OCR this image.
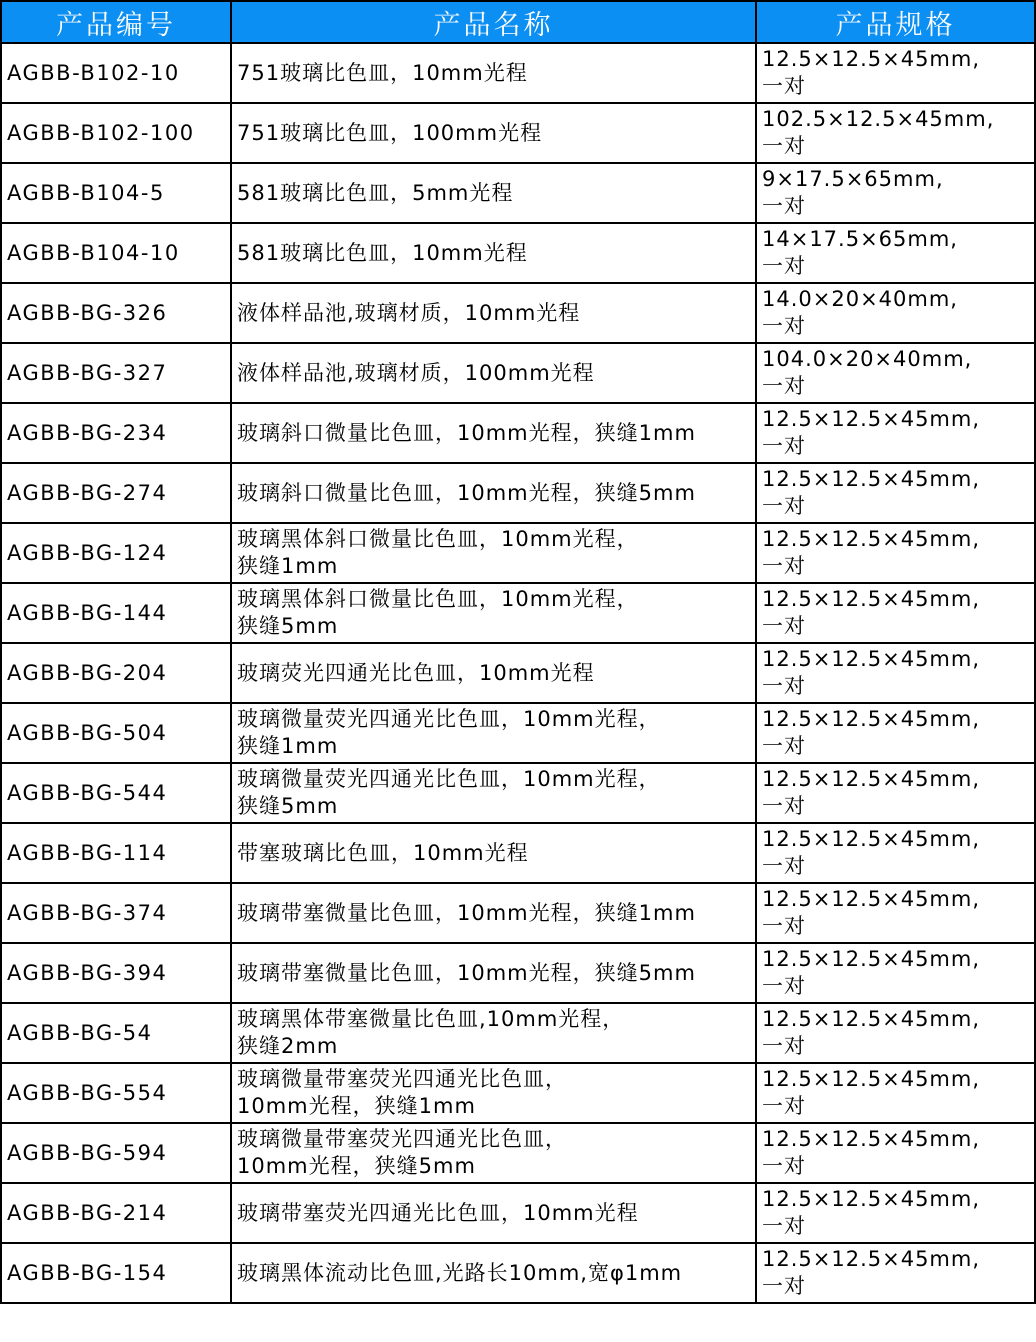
产品编号	产品名称	产品规格
AGBB-B102-10	751玻璃比色皿，10mm光程	12.5×12.5×45mm,
一对

AGBB-B102-100	751玻璃比色皿，100mm光程	102.5×12.5×45mm,
一对

AGBB-B104-5	581玻璃比色皿，5mm光程	9×17.5×65mm,
一对

AGBB-B104-10	581玻璃比色皿，10mm光程	14×17.5×65mm,
一对

AGBB-BG-326	液体样品池,玻璃材质，10mm光程	14.0×20×40mm,
一对

AGBB-BG-327	液体样品池,玻璃材质，100mm光程	104.0×20×40mm,
一对

AGBB-BG-234	玻璃斜口微量比色皿，10mm光程，狭缝1mm	12.5×12.5×45mm,
一对

AGBB-BG-274	玻璃斜口微量比色皿，10mm光程，狭缝5mm	12.5×12.5×45mm,
一对

AGBB-BG-124	玻璃黑体斜口微量比色皿，10mm光程，
狭缝1mm	12.5×12.5×45mm,
一对

AGBB-BG-144	玻璃黑体斜口微量比色皿，10mm光程，
狭缝5mm	12.5×12.5×45mm,
一对

AGBB-BG-204	玻璃荧光四通光比色皿，10mm光程	12.5×12.5×45mm,
一对

AGBB-BG-504	玻璃微量荧光四通光比色皿，10mm光程，
狭缝1mm	12.5×12.5×45mm,
一对

AGBB-BG-544	玻璃微量荧光四通光比色皿，10mm光程，
狭缝5mm	12.5×12.5×45mm,
一对

AGBB-BG-114	带塞玻璃比色皿，10mm光程	12.5×12.5×45mm,
一对

AGBB-BG-374	玻璃带塞微量比色皿，10mm光程，狭缝1mm	12.5×12.5×45mm,
一对

AGBB-BG-394	玻璃带塞微量比色皿，10mm光程，狭缝5mm	12.5×12.5×45mm,
一对

AGBB-BG-54	玻璃黑体带塞微量比色皿,10mm光程，
狭缝2mm	12.5×12.5×45mm,
一对

AGBB-BG-554	玻璃微量带塞荧光四通光比色皿，
10mm光程，狭缝1mm	12.5×12.5×45mm,
一对

AGBB-BG-594	玻璃微量带塞荧光四通光比色皿，
10mm光程，狭缝5mm	12.5×12.5×45mm,
一对

AGBB-BG-214	玻璃带塞荧光四通光比色皿，10mm光程	12.5×12.5×45mm,
一对

AGBB-BG-154	玻璃黑体流动比色皿,光路长10mm,宽φ1mm	12.5×12.5×45mm,
一对
